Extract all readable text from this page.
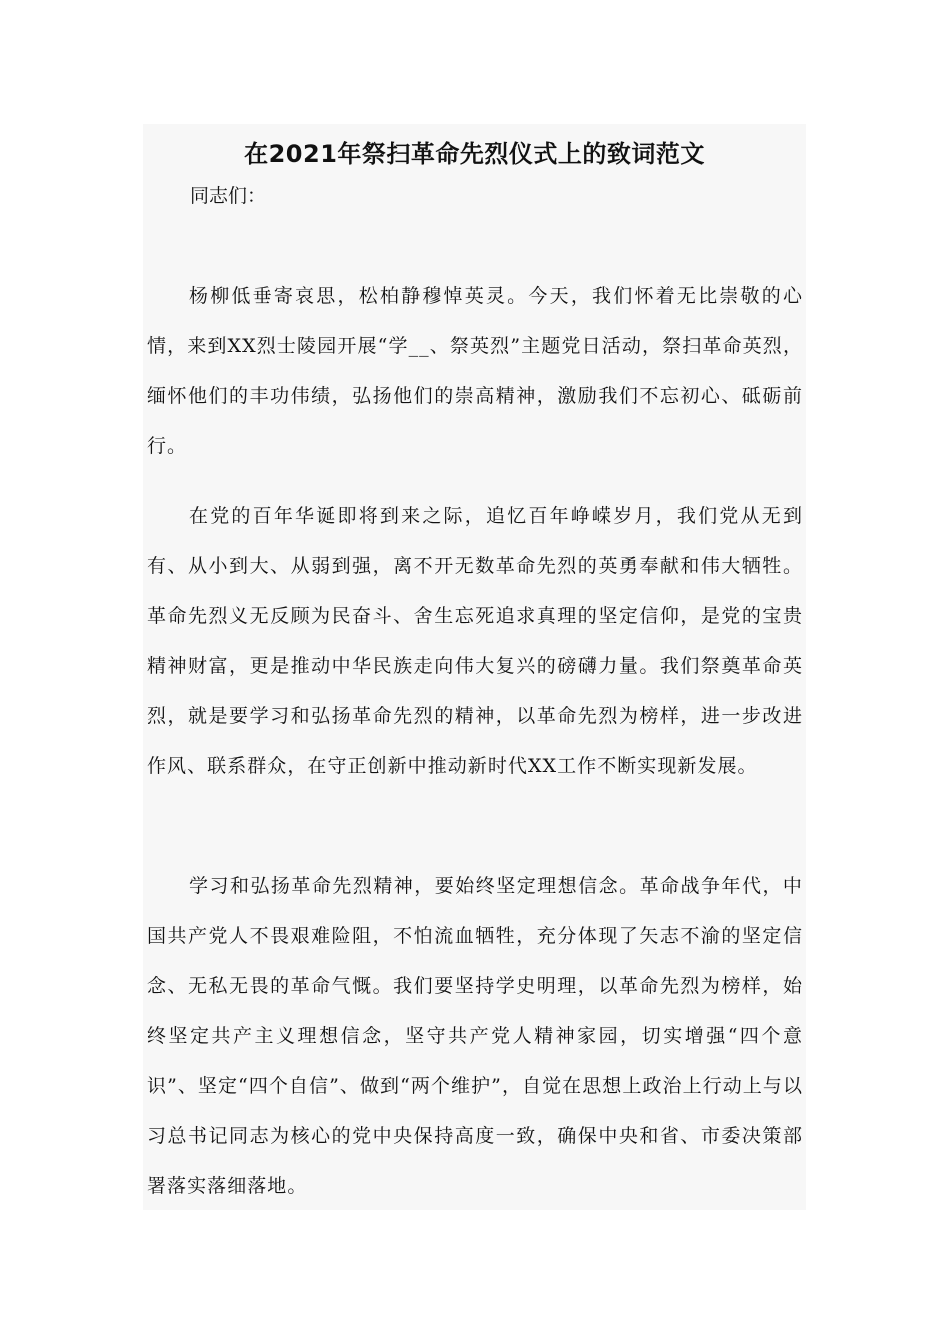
在2021年祭扫革命先烈仪式上的致词范文

同志们：

杨柳低垂寄哀思，松柏静穆悼英灵。今天，我们怀着无比崇敬的心情，来到XX烈士陵园开展“学__、祭英烈”主题党日活动，祭扫革命英烈，缅怀他们的丰功伟绩，弘扬他们的崇高精神，激励我们不忘初心、砥砺前行。

在党的百年华诞即将到来之际，追忆百年峥嵘岁月，我们党从无到有、从小到大、从弱到强，离不开无数革命先烈的英勇奉献和伟大牺牲。革命先烈义无反顾为民奋斗、舍生忘死追求真理的坚定信仰，是党的宝贵精神财富，更是推动中华民族走向伟大复兴的磅礴力量。我们祭奠革命英烈，就是要学习和弘扬革命先烈的精神，以革命先烈为榜样，进一步改进作风、联系群众，在守正创新中推动新时代XX工作不断实现新发展。

学习和弘扬革命先烈精神，要始终坚定理想信念。革命战争年代，中国共产党人不畏艰难险阻，不怕流血牺牲，充分体现了矢志不渝的坚定信念、无私无畏的革命气慨。我们要坚持学史明理，以革命先烈为榜样，始终坚定共产主义理想信念，坚守共产党人精神家园，切实增强“四个意识”、坚定“四个自信”、做到“两个维护”，自觉在思想上政治上行动上与以习总书记同志为核心的党中央保持高度一致，确保中央和省、市委决策部署落实落细落地。
